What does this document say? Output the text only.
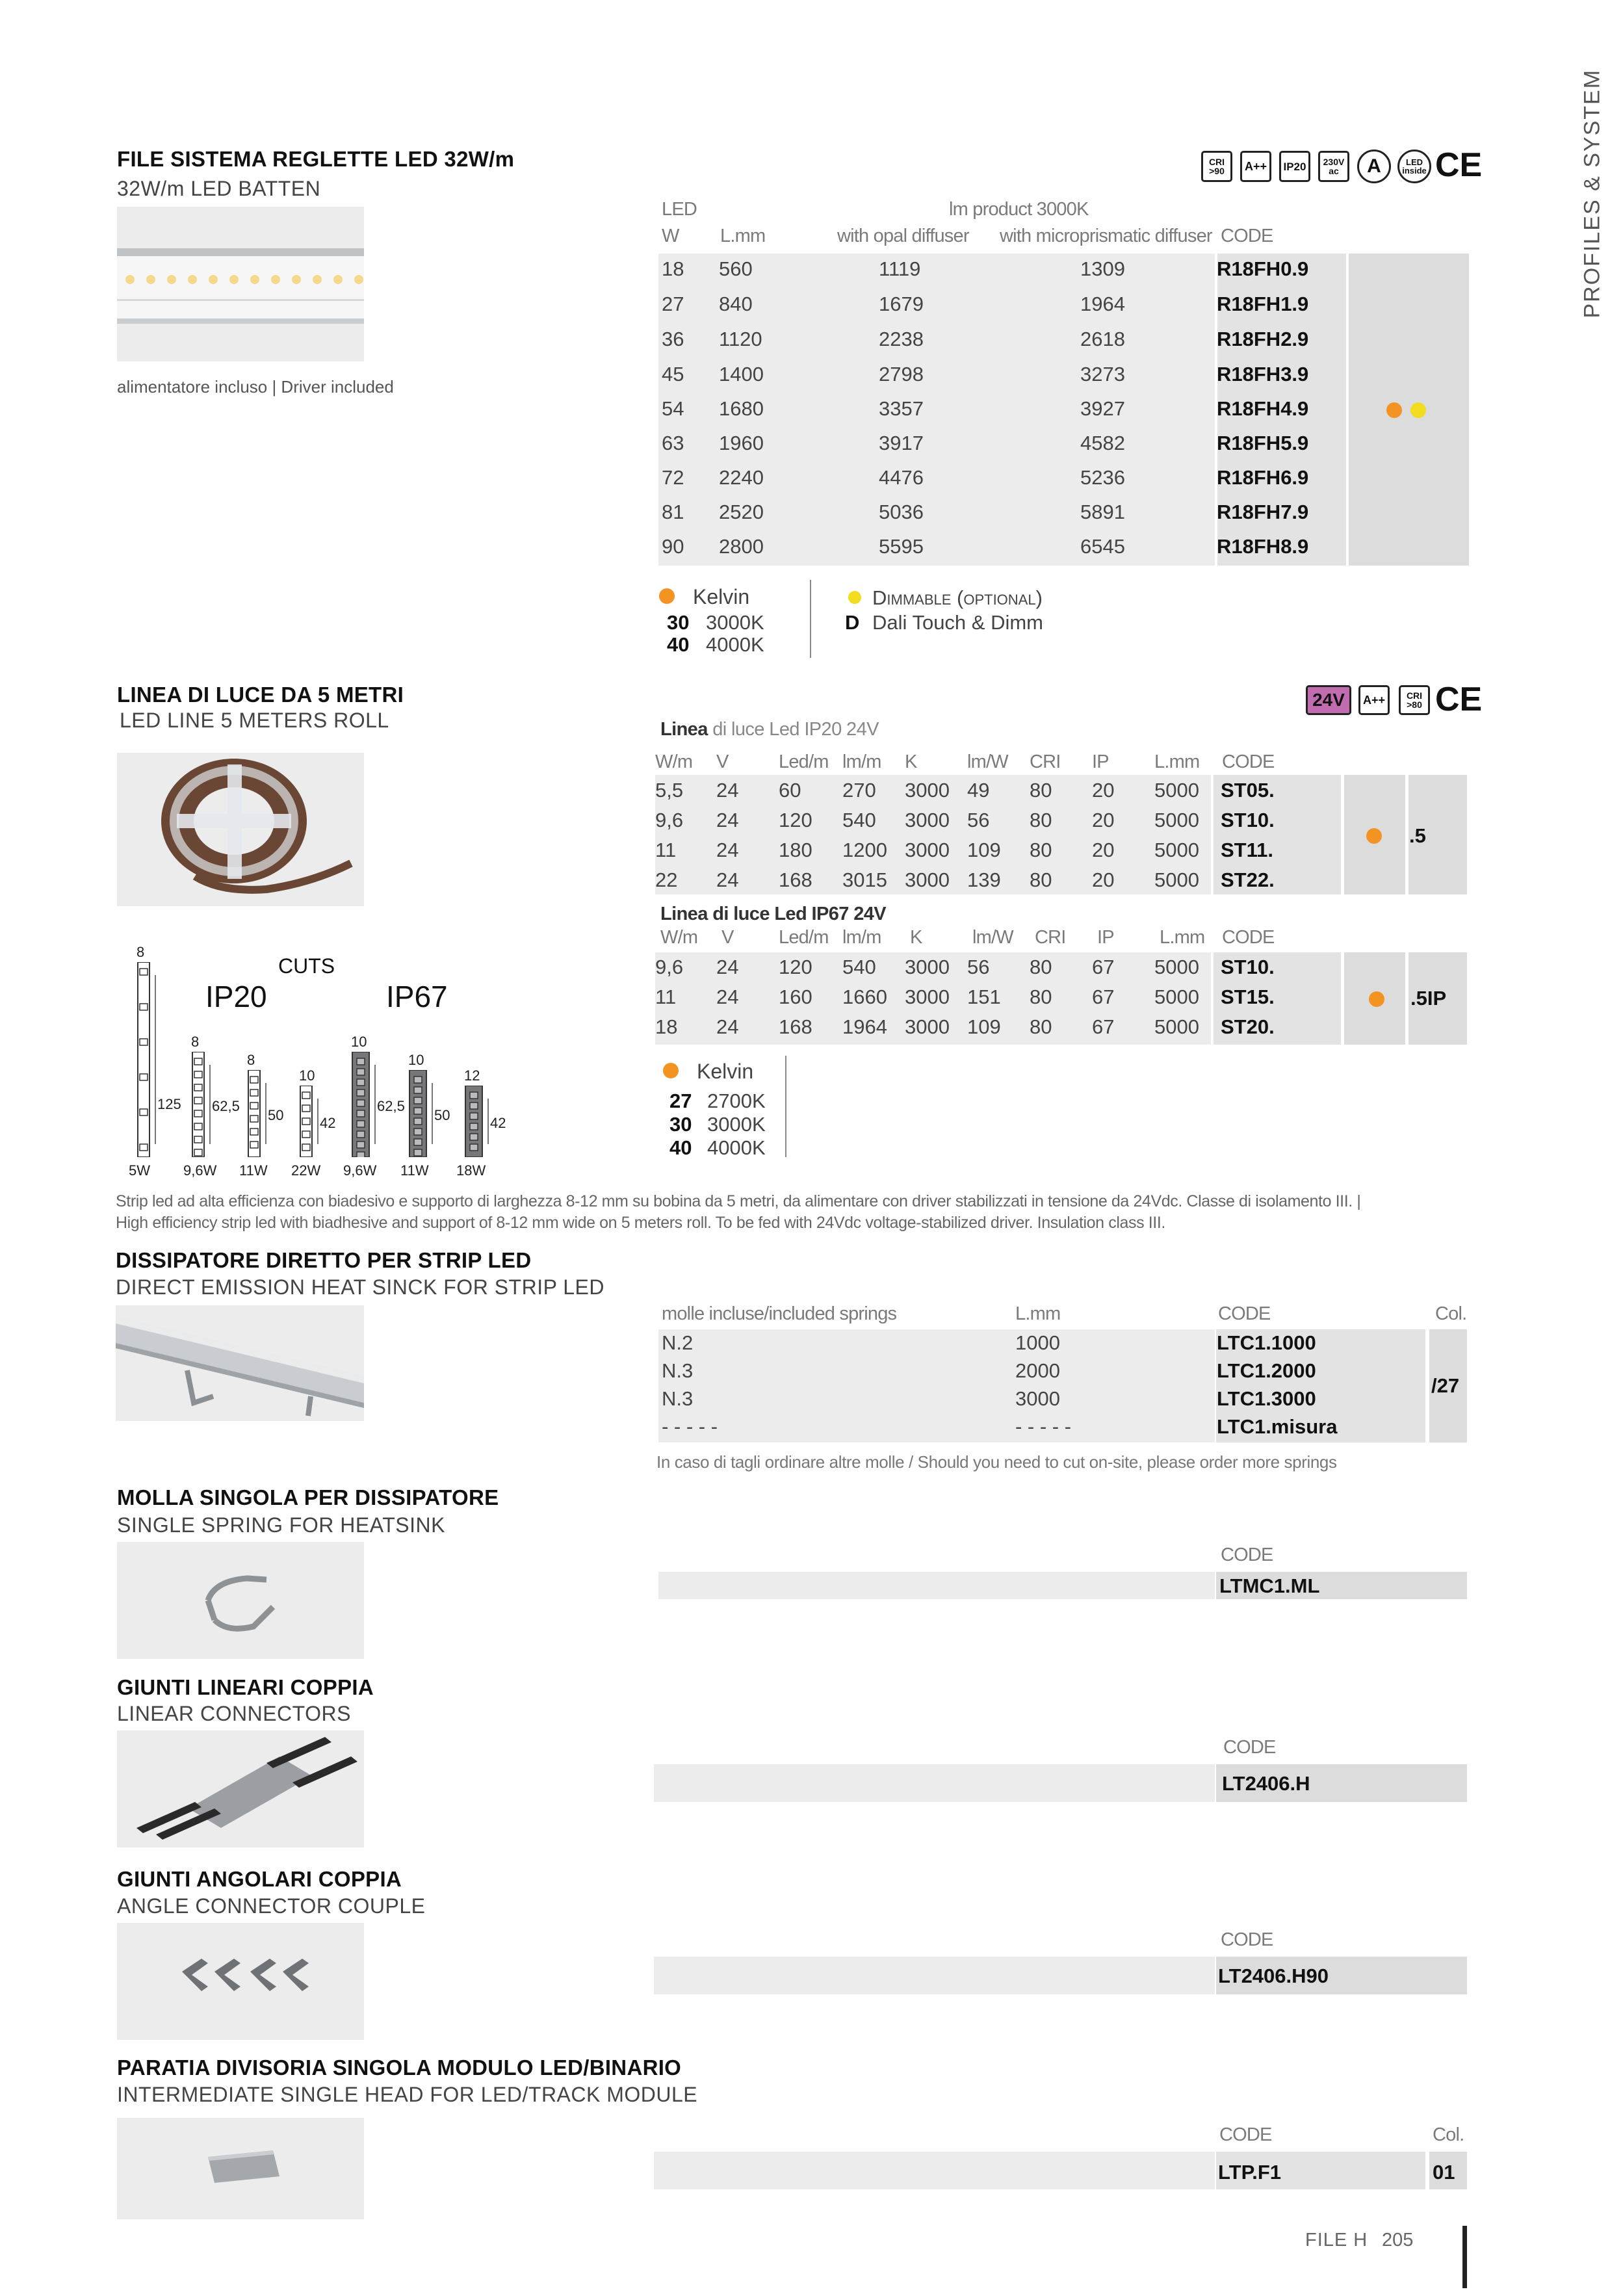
PROFILES & SYSTEM
FILE SISTEMA REGLETTE LED 32W/m
32W/m LED BATTEN
alimentatore incluso | Driver included
CRI >90	A++	IP20	230V ac	A	LED inside CE
LED	lm product 3000K
W L.mm	with opal diffuser with microprismatic diffuser CODE
18 560	1119	1309	R18FH0.9
27 840	1679	1964	R18FH1.9
36 1120	2238	2618	R18FH2.9
45 1400	2798	3273	R18FH3.9
54 1680	3357	3927	R18FH4.9
63 1960	3917	4582	R18FH5.9
72 2240	4476	5236	R18FH6.9
81 2520	5036	5891	R18FH7.9
90 2800	5595	6545	R18FH8.9
Kelvin
30 3000K
40 4000K
Dimmable (optional)
D Dali Touch & Dimm
LINEA DI LUCE DA 5 METRI
LED LINE 5 METERS ROLL
24V	A++	CRI >80 CE
Linea di luce Led IP20 24V
W/m V	Led/m lm/m K	lm/W CRI IP L.mm CODE
5,5 24 60 270 3000 49 80 20 5000 ST05.
9,6 24 120 540 3000 56 80 20 5000 ST10.
11 24 180 1200 3000 109 80 20 5000 ST11.
22 24 168 3015 3000 139 80 20 5000 ST22.
.5
Linea di luce Led IP67 24V
W/m V Led/m lm/m K	lm/W CRI IP L.mm CODE
9,6 24 120 540 3000 56 80 67 5000 ST10.
11 24 160 1660 3000 151 80 67 5000 ST15.
18 24 168 1964 3000 109 80 67 5000 ST20.
.5IP
Kelvin
27 2700K
30 3000K
40 4000K
CUTS
IP20	IP67
8
125
5W
8
62,5
9,6W
8
50
11W
10
42
22W
10
62,5
9,6W
10
50
11W
12
42
18W
Strip led ad alta efficienza con biadesivo e supporto di larghezza 8-12 mm su bobina da 5 metri, da alimentare con driver stabilizzati in tensione da 24Vdc. Classe di isolamento III. |
High efficiency strip led with biadhesive and support of 8-12 mm wide on 5 meters roll. To be fed with 24Vdc voltage-stabilized driver. Insulation class III.
DISSIPATORE DIRETTO PER STRIP LED
DIRECT EMISSION HEAT SINCK FOR STRIP LED
molle incluse/included springs	L.mm	CODE	Col.
N.2	1000	LTC1.1000
N.3	2000	LTC1.2000
N.3	3000	LTC1.3000
- - - - -	- - - - -	LTC1.misura
/27
In caso di tagli ordinare altre molle / Should you need to cut on-site, please order more springs
MOLLA SINGOLA PER DISSIPATORE
SINGLE SPRING FOR HEATSINK
CODE
LTMC1.ML
GIUNTI LINEARI COPPIA
LINEAR CONNECTORS
CODE
LT2406.H
GIUNTI ANGOLARI COPPIA
ANGLE CONNECTOR COUPLE
CODE
LT2406.H90
PARATIA DIVISORIA SINGOLA MODULO LED/BINARIO
INTERMEDIATE SINGLE HEAD FOR LED/TRACK MODULE
CODE	Col.
LTP.F1	01
FILE H 205
